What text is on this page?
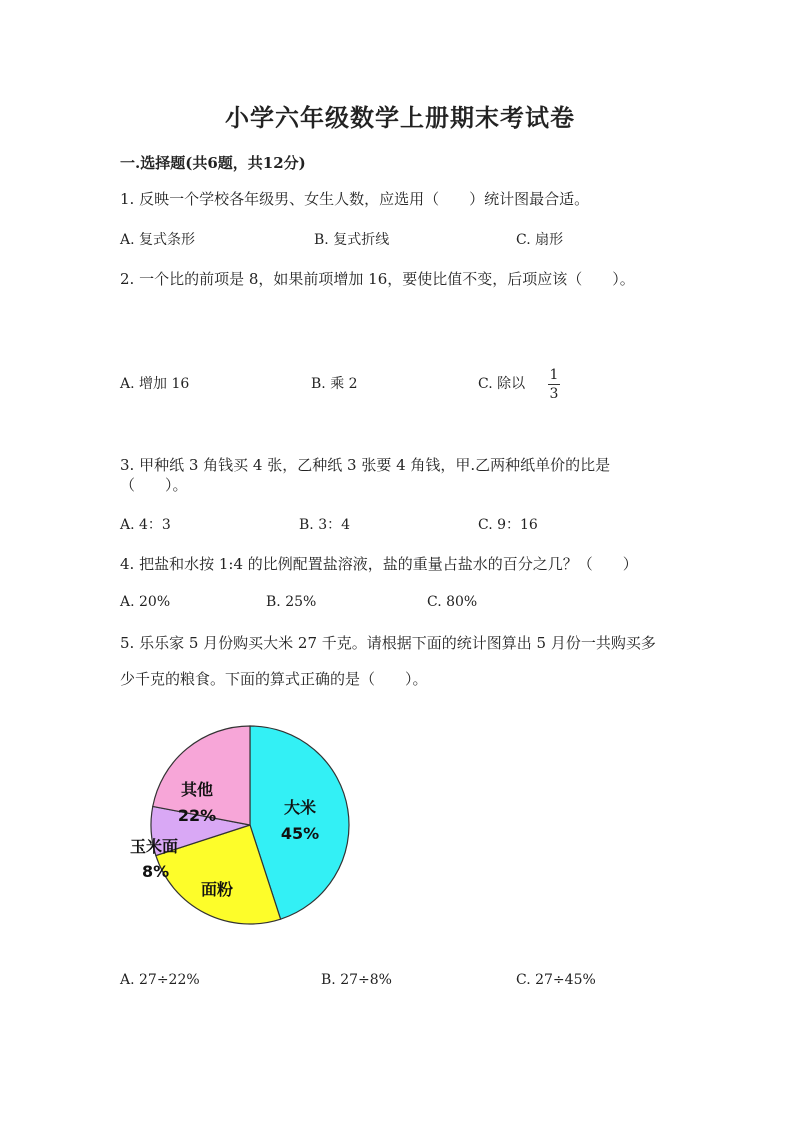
小学六年级数学上册期末考试卷
一.选择题(共6题，共12分)
1. 反映一个学校各年级男、女生人数，应选用（　　）统计图最合适。
A. 复式条形	B. 复式折线	C. 扇形
2. 一个比的前项是 8，如果前项增加 16，要使比值不变，后项应该（　　）。
A. 增加 16	B. 乘 2	C. 除以
1
3
3. 甲种纸 3 角钱买 4 张，乙种纸 3 张要 4 角钱，甲.乙两种纸单价的比是
（　　）。
A. 4：3	B. 3：4	C. 9：16
4. 把盐和水按 1:4 的比例配置盐溶液，盐的重量占盐水的百分之几？（　　）
A. 20%	B. 25%	C. 80%
5. 乐乐家 5 月份购买大米 27 千克。请根据下面的统计图算出 5 月份一共购买多
少千克的粮食。下面的算式正确的是（　　）。
大米
45%
面粉
玉米面
8%
其他
22%
A. 27÷22%	B. 27÷8%	C. 27÷45%
